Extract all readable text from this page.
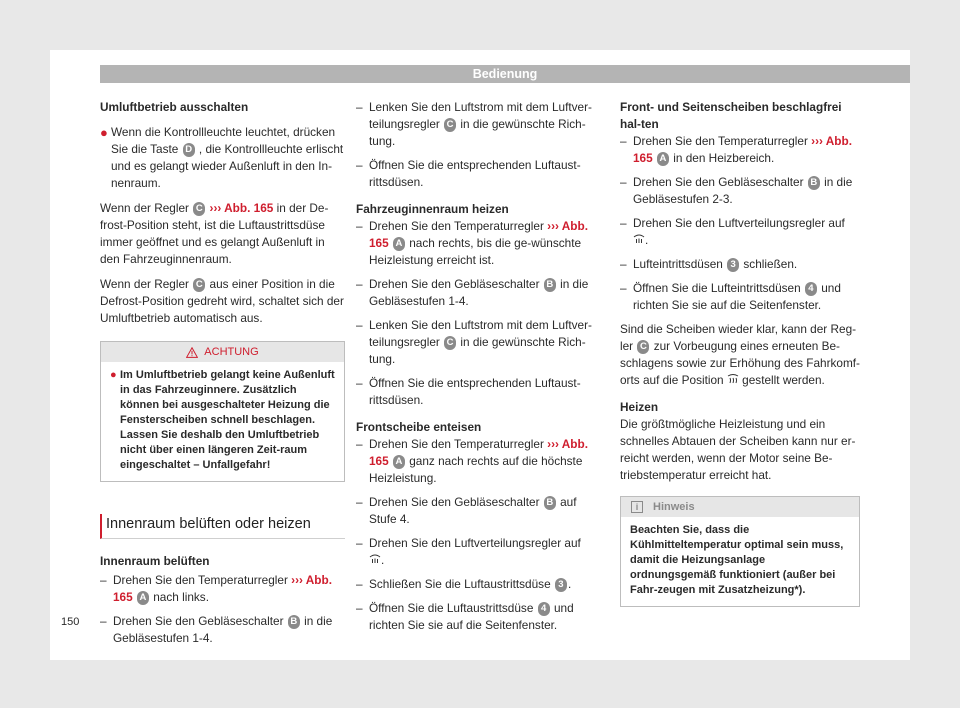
Bedienung

Umluftbetrieb ausschalten

● Wenn die Kontrollleuchte leuchtet, drücken Sie die Taste D , die Kontrollleuchte erlischt und es gelangt wieder Außenluft in den In-nenraum.

Wenn der Regler C ››› Abb. 165 in der De-frost-Position steht, ist die Luftaustrittsdüse immer geöffnet und es gelangt Außenluft in den Fahrzeuginnenraum.

Wenn der Regler C aus einer Position in die Defrost-Position gedreht wird, schaltet sich der Umluftbetrieb automatisch aus.

ACHTUNG
● Im Umluftbetrieb gelangt keine Außenluft in das Fahrzeuginnere. Zusätzlich können bei ausgeschalteter Heizung die Fensterscheiben schnell beschlagen. Lassen Sie deshalb den Umluftbetrieb nicht über einen längeren Zeit-raum eingeschaltet – Unfallgefahr!
Innenraum belüften oder heizen

Innenraum belüften

– Drehen Sie den Temperaturregler ››› Abb. 165 A nach links.
– Drehen Sie den Gebläseschalter B in die Gebläsestufen 1-4.
– Lenken Sie den Luftstrom mit dem Luftver-teilungsregler C in die gewünschte Rich-tung.
– Öffnen Sie die entsprechenden Luftaust-rittsdüsen.

Fahrzeuginnenraum heizen

– Drehen Sie den Temperaturregler ››› Abb. 165 A nach rechts, bis die ge-wünschte Heizleistung erreicht ist.
– Drehen Sie den Gebläseschalter B in die Gebläsestufen 1-4.
– Lenken Sie den Luftstrom mit dem Luftver-teilungsregler C in die gewünschte Rich-tung.
– Öffnen Sie die entsprechenden Luftaust-rittsdüsen.

Frontscheibe enteisen

– Drehen Sie den Temperaturregler ››› Abb. 165 A ganz nach rechts auf die höchste Heizleistung.
– Drehen Sie den Gebläseschalter B auf Stufe 4.
– Drehen Sie den Luftverteilungsregler auf
.
– Schließen Sie die Luftaustrittsdüse 3 .
– Öffnen Sie die Luftaustrittsdüse 4 und richten Sie sie auf die Seitenfenster.

Front- und Seitenscheiben beschlagfrei hal-ten

– Drehen Sie den Temperaturregler ››› Abb. 165 A in den Heizbereich.
– Drehen Sie den Gebläseschalter B in die Gebläsestufen 2-3.
– Drehen Sie den Luftverteilungsregler auf
.
– Lufteintrittsdüsen 3 schließen.
– Öffnen Sie die Lufteintrittsdüsen 4 und richten Sie sie auf die Seitenfenster.

Sind die Scheiben wieder klar, kann der Reg-ler C zur Vorbeugung eines erneuten Be-schlagens sowie zur Erhöhung des Fahrkomf-orts auf die Position gestellt werden.

Heizen

Die größtmögliche Heizleistung und ein schnelles Abtauen der Scheiben kann nur er-reicht werden, wenn der Motor seine Be-triebstemperatur erreicht hat.

i	Hinweis
Beachten Sie, dass die Kühlmitteltemperatur optimal sein muss, damit die Heizungsanlage ordnungsgemäß funktioniert (außer bei Fahr-zeugen mit Zusatzheizung*).
150
